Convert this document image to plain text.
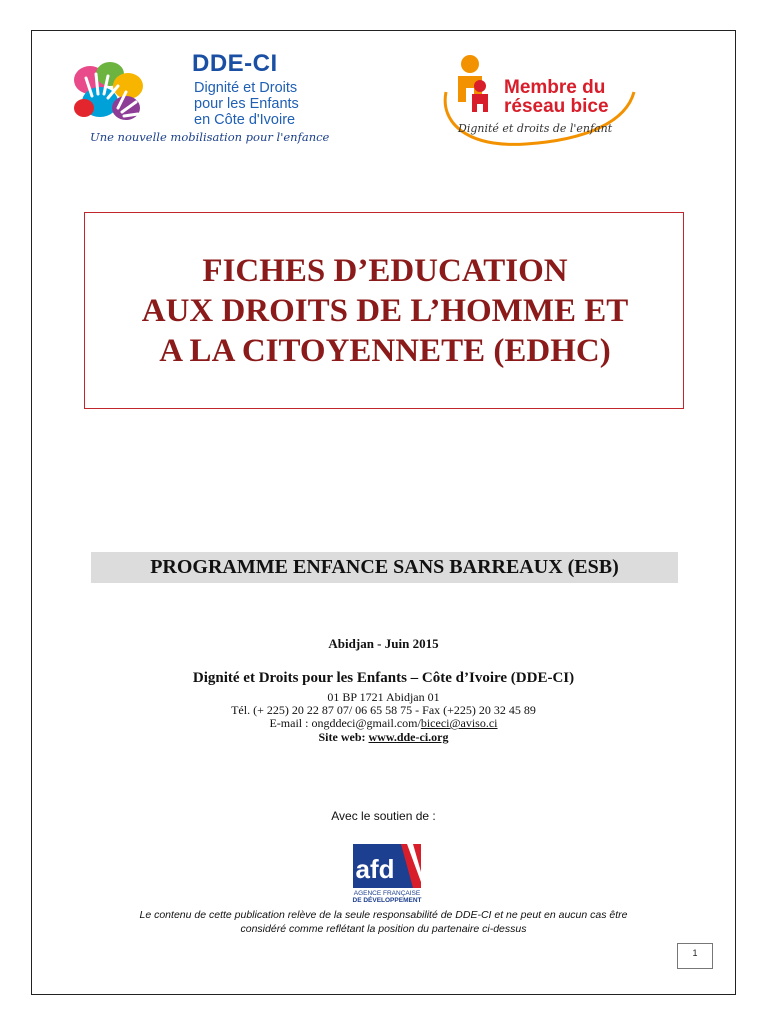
DDE-CI
Dignité et Droits
pour les Enfants
en Côte d'Ivoire
Une nouvelle mobilisation pour l'enfance
Membre du
réseau bice
Dignité et droits de l'enfant
FICHES D’EDUCATION
AUX DROITS DE L’HOMME ET
A LA CITOYENNETE (EDHC)
PROGRAMME ENFANCE SANS BARREAUX (ESB)
Abidjan - Juin 2015
Dignité et Droits pour les Enfants – Côte d’Ivoire (DDE-CI)
01 BP 1721 Abidjan 01
Tél. (+ 225) 20 22 87 07/ 06 65 58 75 - Fax (+225) 20 32 45 89
E-mail : ongddeci@gmail.com/biceci@aviso.ci
Site web: www.dde-ci.org
Avec le soutien de :
afd
AGENCE FRANÇAISE
DE DÉVELOPPEMENT
Le contenu de cette publication relève de la seule responsabilité de DDE-CI et ne peut en aucun cas être
considéré comme reflétant la position du partenaire ci-dessus
1
